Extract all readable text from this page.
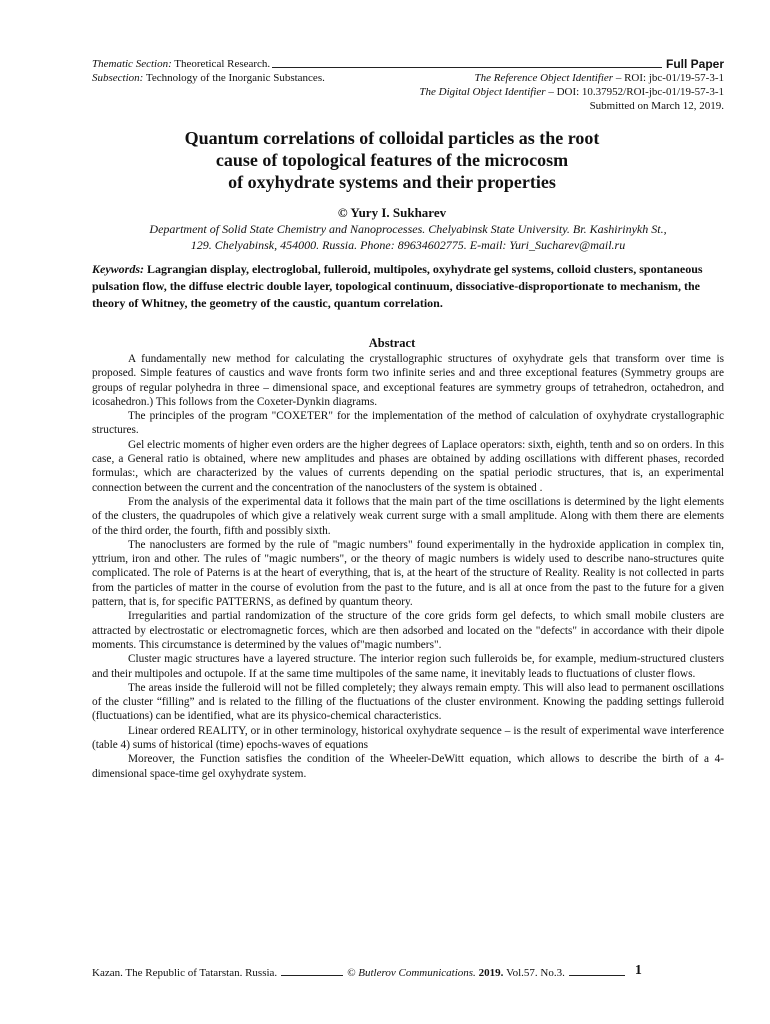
Thematic Section: Theoretical Research.	Full Paper
Subsection: Technology of the Inorganic Substances.	The Reference Object Identifier – ROI: jbc-01/19-57-3-1
The Digital Object Identifier – DOI: 10.37952/ROI-jbc-01/19-57-3-1
Submitted on March 12, 2019.
Quantum correlations of colloidal particles as the root
cause of topological features of the microcosm
of oxyhydrate systems and their properties
© Yury I. Sukharev
Department of Solid State Chemistry and Nanoprocesses. Chelyabinsk State University. Br. Kashirinykh St.,
129. Chelyabinsk, 454000. Russia. Phone: 89634602775. E-mail: Yuri_Sucharev@mail.ru
Keywords: Lagrangian display, electroglobal, fulleroid, multipoles, oxyhydrate gel systems, colloid clusters, spontaneous pulsation flow, the diffuse electric double layer, topological continuum, dissociative-disproportionate to mechanism, the theory of Whitney, the geometry of the caustic, quantum correlation.
Abstract

A fundamentally new method for calculating the crystallographic structures of oxyhydrate gels that transform over time is proposed. Simple features of caustics and wave fronts form two infinite series and and three exceptional features (Symmetry groups are groups of regular polyhedra in three – dimensional space, and exceptional features are symmetry groups of tetrahedron, octahedron, and icosahedron.) This follows from the Coxeter-Dynkin diagrams.

The principles of the program "COXETER" for the implementation of the method of calculation of oxyhydrate crystallographic structures.

Gel electric moments of higher even orders are the higher degrees of Laplace operators: sixth, eighth, tenth and so on orders. In this case, a General ratio is obtained, where new amplitudes and phases are obtained by adding oscillations with different phases, recorded formulas:, which are characterized by the values of currents depending on the spatial periodic structures, that is, an experimental connection between the current and the concentration of the nanoclusters of the system is obtained .

From the analysis of the experimental data it follows that the main part of the time oscillations is determined by the light elements of the clusters, the quadrupoles of which give a relatively weak current surge with a small amplitude. Along with them there are elements of the third order, the fourth, fifth and possibly sixth.

The nanoclusters are formed by the rule of "magic numbers" found experimentally in the hydroxide application in complex tin, yttrium, iron and other. The rules of "magic numbers", or the theory of magic numbers is widely used to describe nano-structures quite complicated. The role of Paterns is at the heart of everything, that is, at the heart of the structure of Reality. Reality is not collected in parts from the particles of matter in the course of evolution from the past to the future, and is all at once from the past to the future for a given pattern, that is, for specific PATTERNS, as defined by quantum theory.

Irregularities and partial randomization of the structure of the core grids form gel defects, to which small mobile clusters are attracted by electrostatic or electromagnetic forces, which are then adsorbed and located on the "defects" in accordance with their dipole moments. This circumstance is determined by the values of"magic numbers".

Cluster magic structures have a layered structure. The interior region such fulleroids be, for example, medium-structured clusters and their multipoles and octupole. If at the same time multipoles of the same name, it inevitably leads to fluctuations of cluster flows.

The areas inside the fulleroid will not be filled completely; they always remain empty. This will also lead to permanent oscillations of the cluster “filling” and is related to the filling of the fluctuations of the cluster environment. Knowing the padding settings fulleroid (fluctuations) can be identified, what are its physico-chemical characteristics.

Linear ordered REALITY, or in other terminology, historical oxyhydrate sequence – is the result of experimental wave interference (table 4) sums of historical (time) epochs-waves of equations

Moreover, the Function satisfies the condition of the Wheeler-DeWitt equation, which allows to describe the birth of a 4-dimensional space-time gel oxyhydrate system.

Kazan. The Republic of Tatarstan. Russia.	© Butlerov Communications.
2019.
Vol.57. No.3.	1
